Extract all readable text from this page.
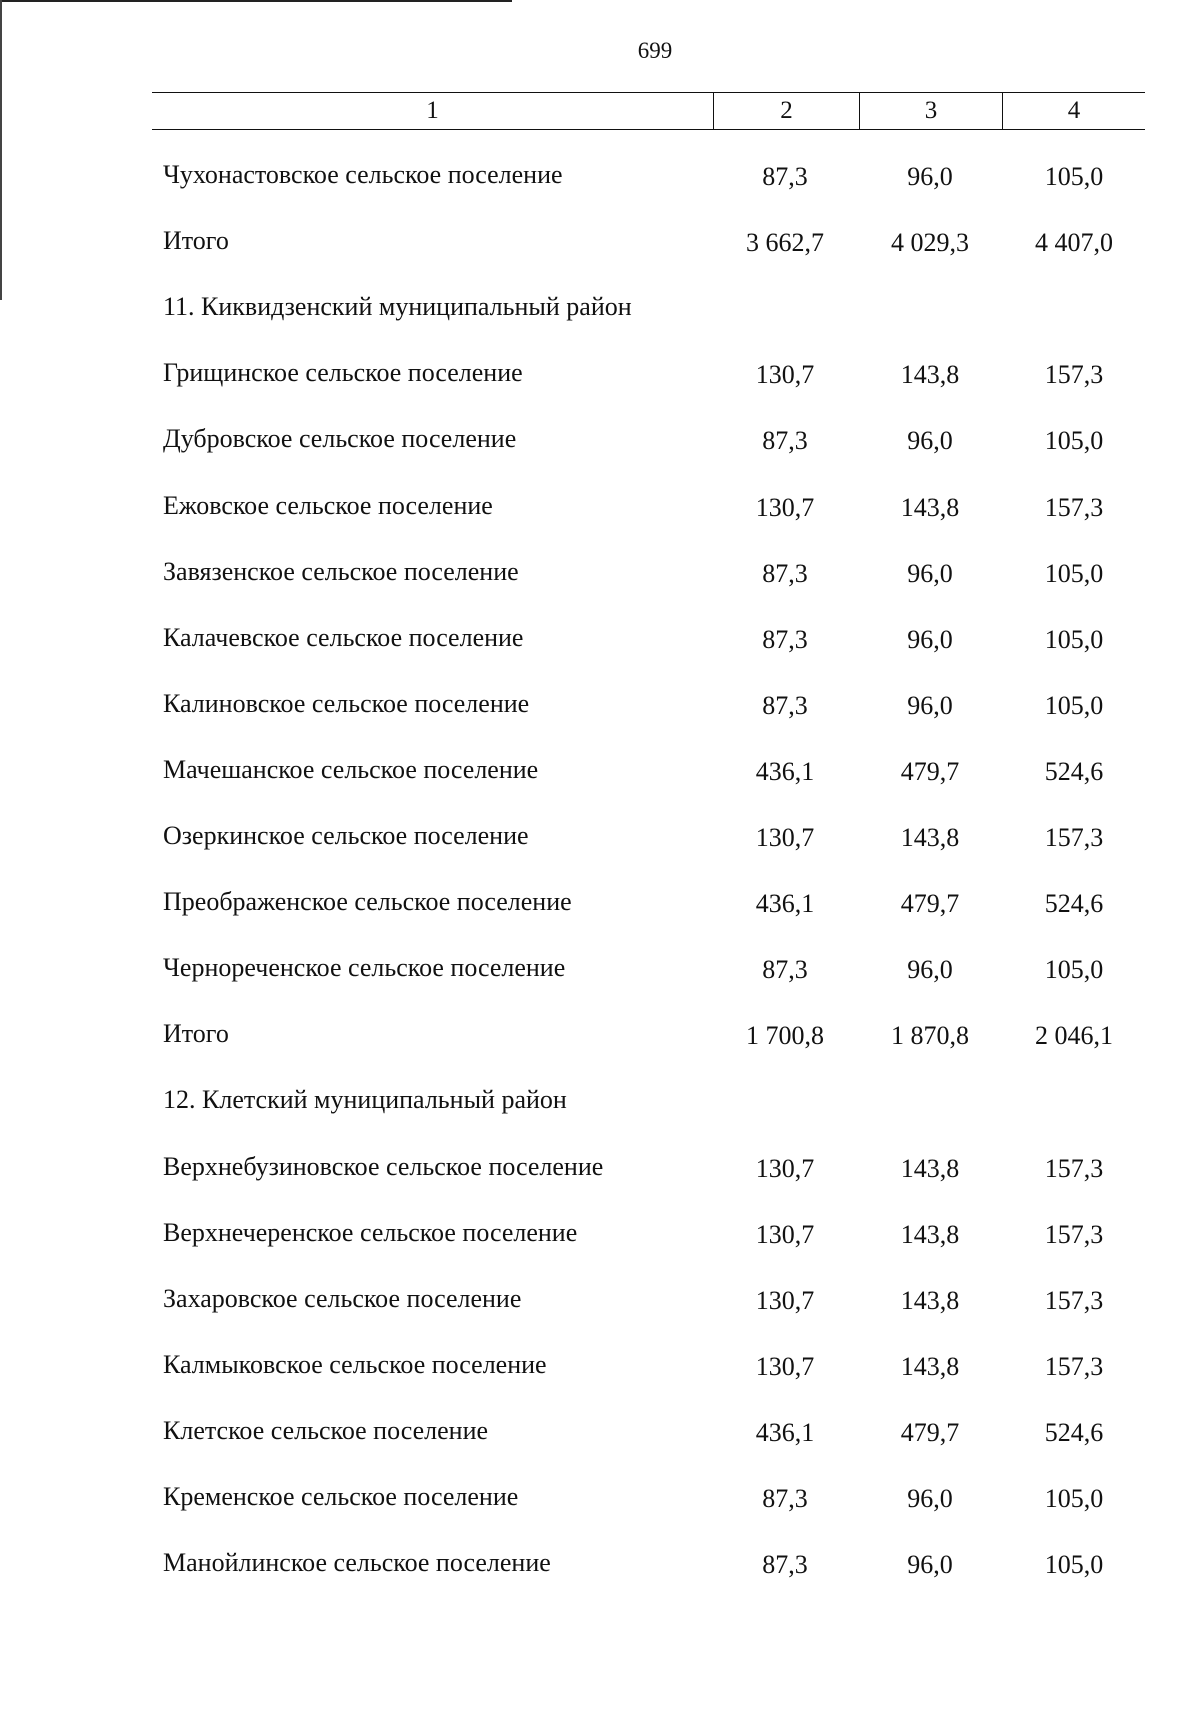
699
1	2	3	4
Чухонастовское сельское поселение	87,3	96,0	105,0
Итого	3 662,7	4 029,3	4 407,0
11. Киквидзенский муниципальный район
Грищинское сельское поселение	130,7	143,8	157,3
Дубровское сельское поселение	87,3	96,0	105,0
Ежовское сельское поселение	130,7	143,8	157,3
Завязенское сельское поселение	87,3	96,0	105,0
Калачевское сельское поселение	87,3	96,0	105,0
Калиновское сельское поселение	87,3	96,0	105,0
Мачешанское сельское поселение	436,1	479,7	524,6
Озеркинское сельское поселение	130,7	143,8	157,3
Преображенское сельское поселение	436,1	479,7	524,6
Чернореченское сельское поселение	87,3	96,0	105,0
Итого	1 700,8	1 870,8	2 046,1
12. Клетский муниципальный район
Верхнебузиновское сельское поселение	130,7	143,8	157,3
Верхнечеренское сельское поселение	130,7	143,8	157,3
Захаровское сельское поселение	130,7	143,8	157,3
Калмыковское сельское поселение	130,7	143,8	157,3
Клетское сельское поселение	436,1	479,7	524,6
Кременское сельское поселение	87,3	96,0	105,0
Манойлинское сельское поселение	87,3	96,0	105,0
